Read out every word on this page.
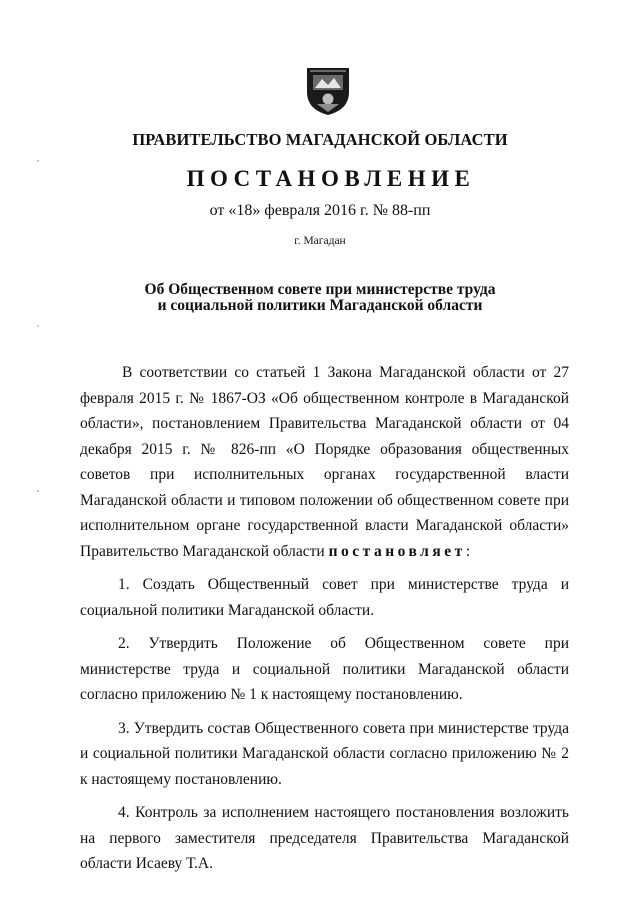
ПРАВИТЕЛЬСТВО МАГАДАНСКОЙ ОБЛАСТИ
ПОСТАНОВЛЕНИЕ
от «18» февраля 2016 г. № 88-пп
г. Магадан
Об Общественном совете при министерстве труда
и социальной политики Магаданской области

В соответствии со статьей 1 Закона Магаданской области от 27 февраля 2015 г. № 1867-ОЗ «Об общественном контроле в Магаданской области», постановлением Правительства Магаданской области от 04 декабря 2015 г. № 826-пп «О Порядке образования общественных советов при исполнительных органах государственной власти Магаданской области и типовом положении об общественном совете при исполнительном органе государственной власти Магаданской области» Правительство Магаданской области постановляет:

1. Создать Общественный совет при министерстве труда и социальной политики Магаданской области.

2. Утвердить Положение об Общественном совете при министерстве труда и социальной политики Магаданской области согласно приложению № 1 к настоящему постановлению.

3. Утвердить состав Общественного совета при министерстве труда и социальной политики Магаданской области согласно приложению № 2 к настоящему постановлению.

4. Контроль за исполнением настоящего постановления возложить на первого заместителя председателя Правительства Магаданской области Исаеву Т.А.
